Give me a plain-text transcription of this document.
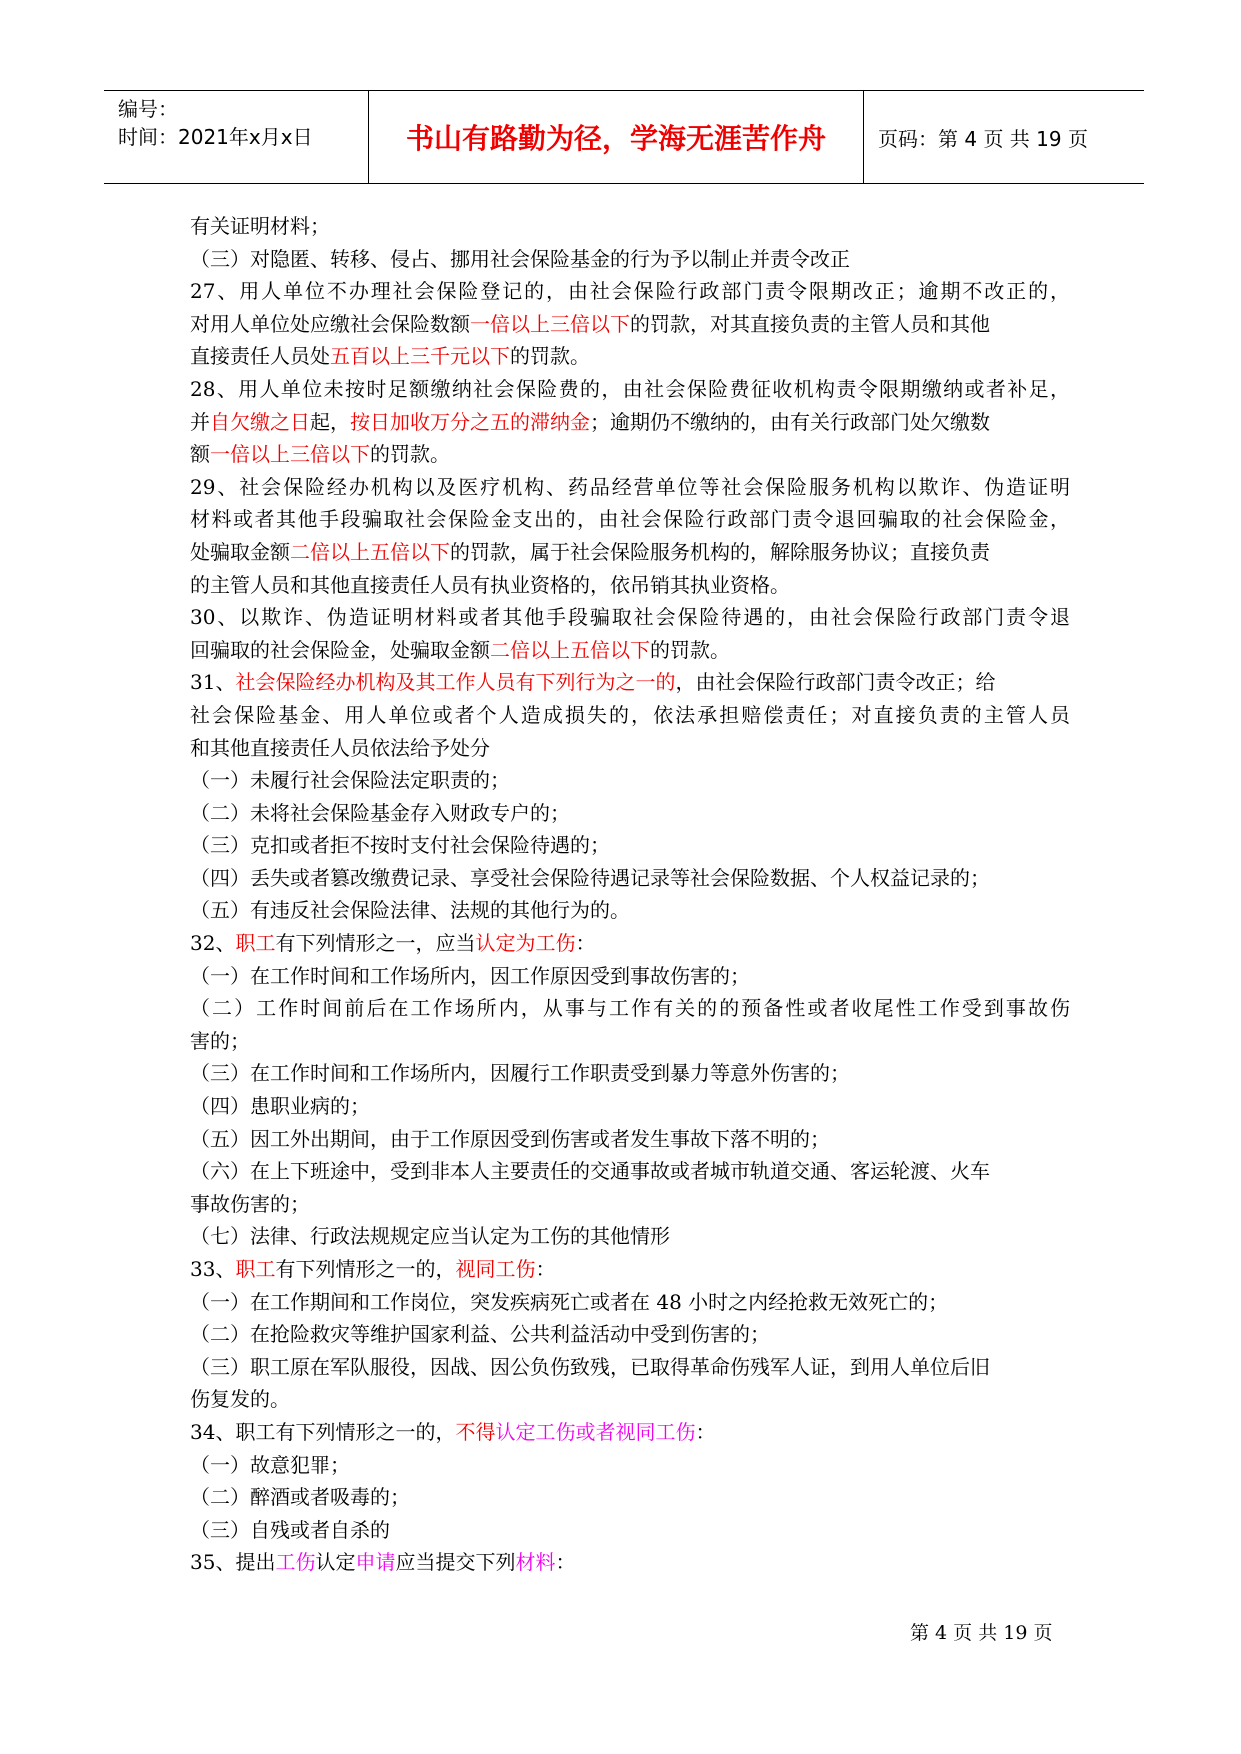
编号：
时间：2021年x月x日	书山有路勤为径，学海无涯苦作舟	页码：第 4 页 共 19 页
有关证明材料；
（三）对隐匿、转移、侵占、挪用社会保险基金的行为予以制止并责令改正
27、用人单位不办理社会保险登记的，由社会保险行政部门责令限期改正；逾期不改正的，
对用人单位处应缴社会保险数额一倍以上三倍以下的罚款，对其直接负责的主管人员和其他
直接责任人员处五百以上三千元以下的罚款。
28、用人单位未按时足额缴纳社会保险费的，由社会保险费征收机构责令限期缴纳或者补足，
并自欠缴之日起，按日加收万分之五的滞纳金；逾期仍不缴纳的，由有关行政部门处欠缴数
额一倍以上三倍以下的罚款。
29、社会保险经办机构以及医疗机构、药品经营单位等社会保险服务机构以欺诈、伪造证明
材料或者其他手段骗取社会保险金支出的，由社会保险行政部门责令退回骗取的社会保险金，
处骗取金额二倍以上五倍以下的罚款，属于社会保险服务机构的，解除服务协议；直接负责
的主管人员和其他直接责任人员有执业资格的，依吊销其执业资格。
30、以欺诈、伪造证明材料或者其他手段骗取社会保险待遇的，由社会保险行政部门责令退
回骗取的社会保险金，处骗取金额二倍以上五倍以下的罚款。
31、社会保险经办机构及其工作人员有下列行为之一的，由社会保险行政部门责令改正；给
社会保险基金、用人单位或者个人造成损失的，依法承担赔偿责任；对直接负责的主管人员
和其他直接责任人员依法给予处分
（一）未履行社会保险法定职责的；
（二）未将社会保险基金存入财政专户的；
（三）克扣或者拒不按时支付社会保险待遇的；
（四）丢失或者篡改缴费记录、享受社会保险待遇记录等社会保险数据、个人权益记录的；
（五）有违反社会保险法律、法规的其他行为的。
32、职工有下列情形之一，应当认定为工伤：
（一）在工作时间和工作场所内，因工作原因受到事故伤害的；
（二）工作时间前后在工作场所内，从事与工作有关的的预备性或者收尾性工作受到事故伤
害的；
（三）在工作时间和工作场所内，因履行工作职责受到暴力等意外伤害的；
（四）患职业病的；
（五）因工外出期间，由于工作原因受到伤害或者发生事故下落不明的；
（六）在上下班途中，受到非本人主要责任的交通事故或者城市轨道交通、客运轮渡、火车
事故伤害的；
（七）法律、行政法规规定应当认定为工伤的其他情形
33、职工有下列情形之一的，视同工伤：
（一）在工作期间和工作岗位，突发疾病死亡或者在 48 小时之内经抢救无效死亡的；
（二）在抢险救灾等维护国家利益、公共利益活动中受到伤害的；
（三）职工原在军队服役，因战、因公负伤致残，已取得革命伤残军人证，到用人单位后旧
伤复发的。
34、职工有下列情形之一的，不得认定工伤或者视同工伤：
（一）故意犯罪；
（二）醉酒或者吸毒的；
（三）自残或者自杀的
35、提出工伤认定申请应当提交下列材料：
第 4 页 共 19 页
